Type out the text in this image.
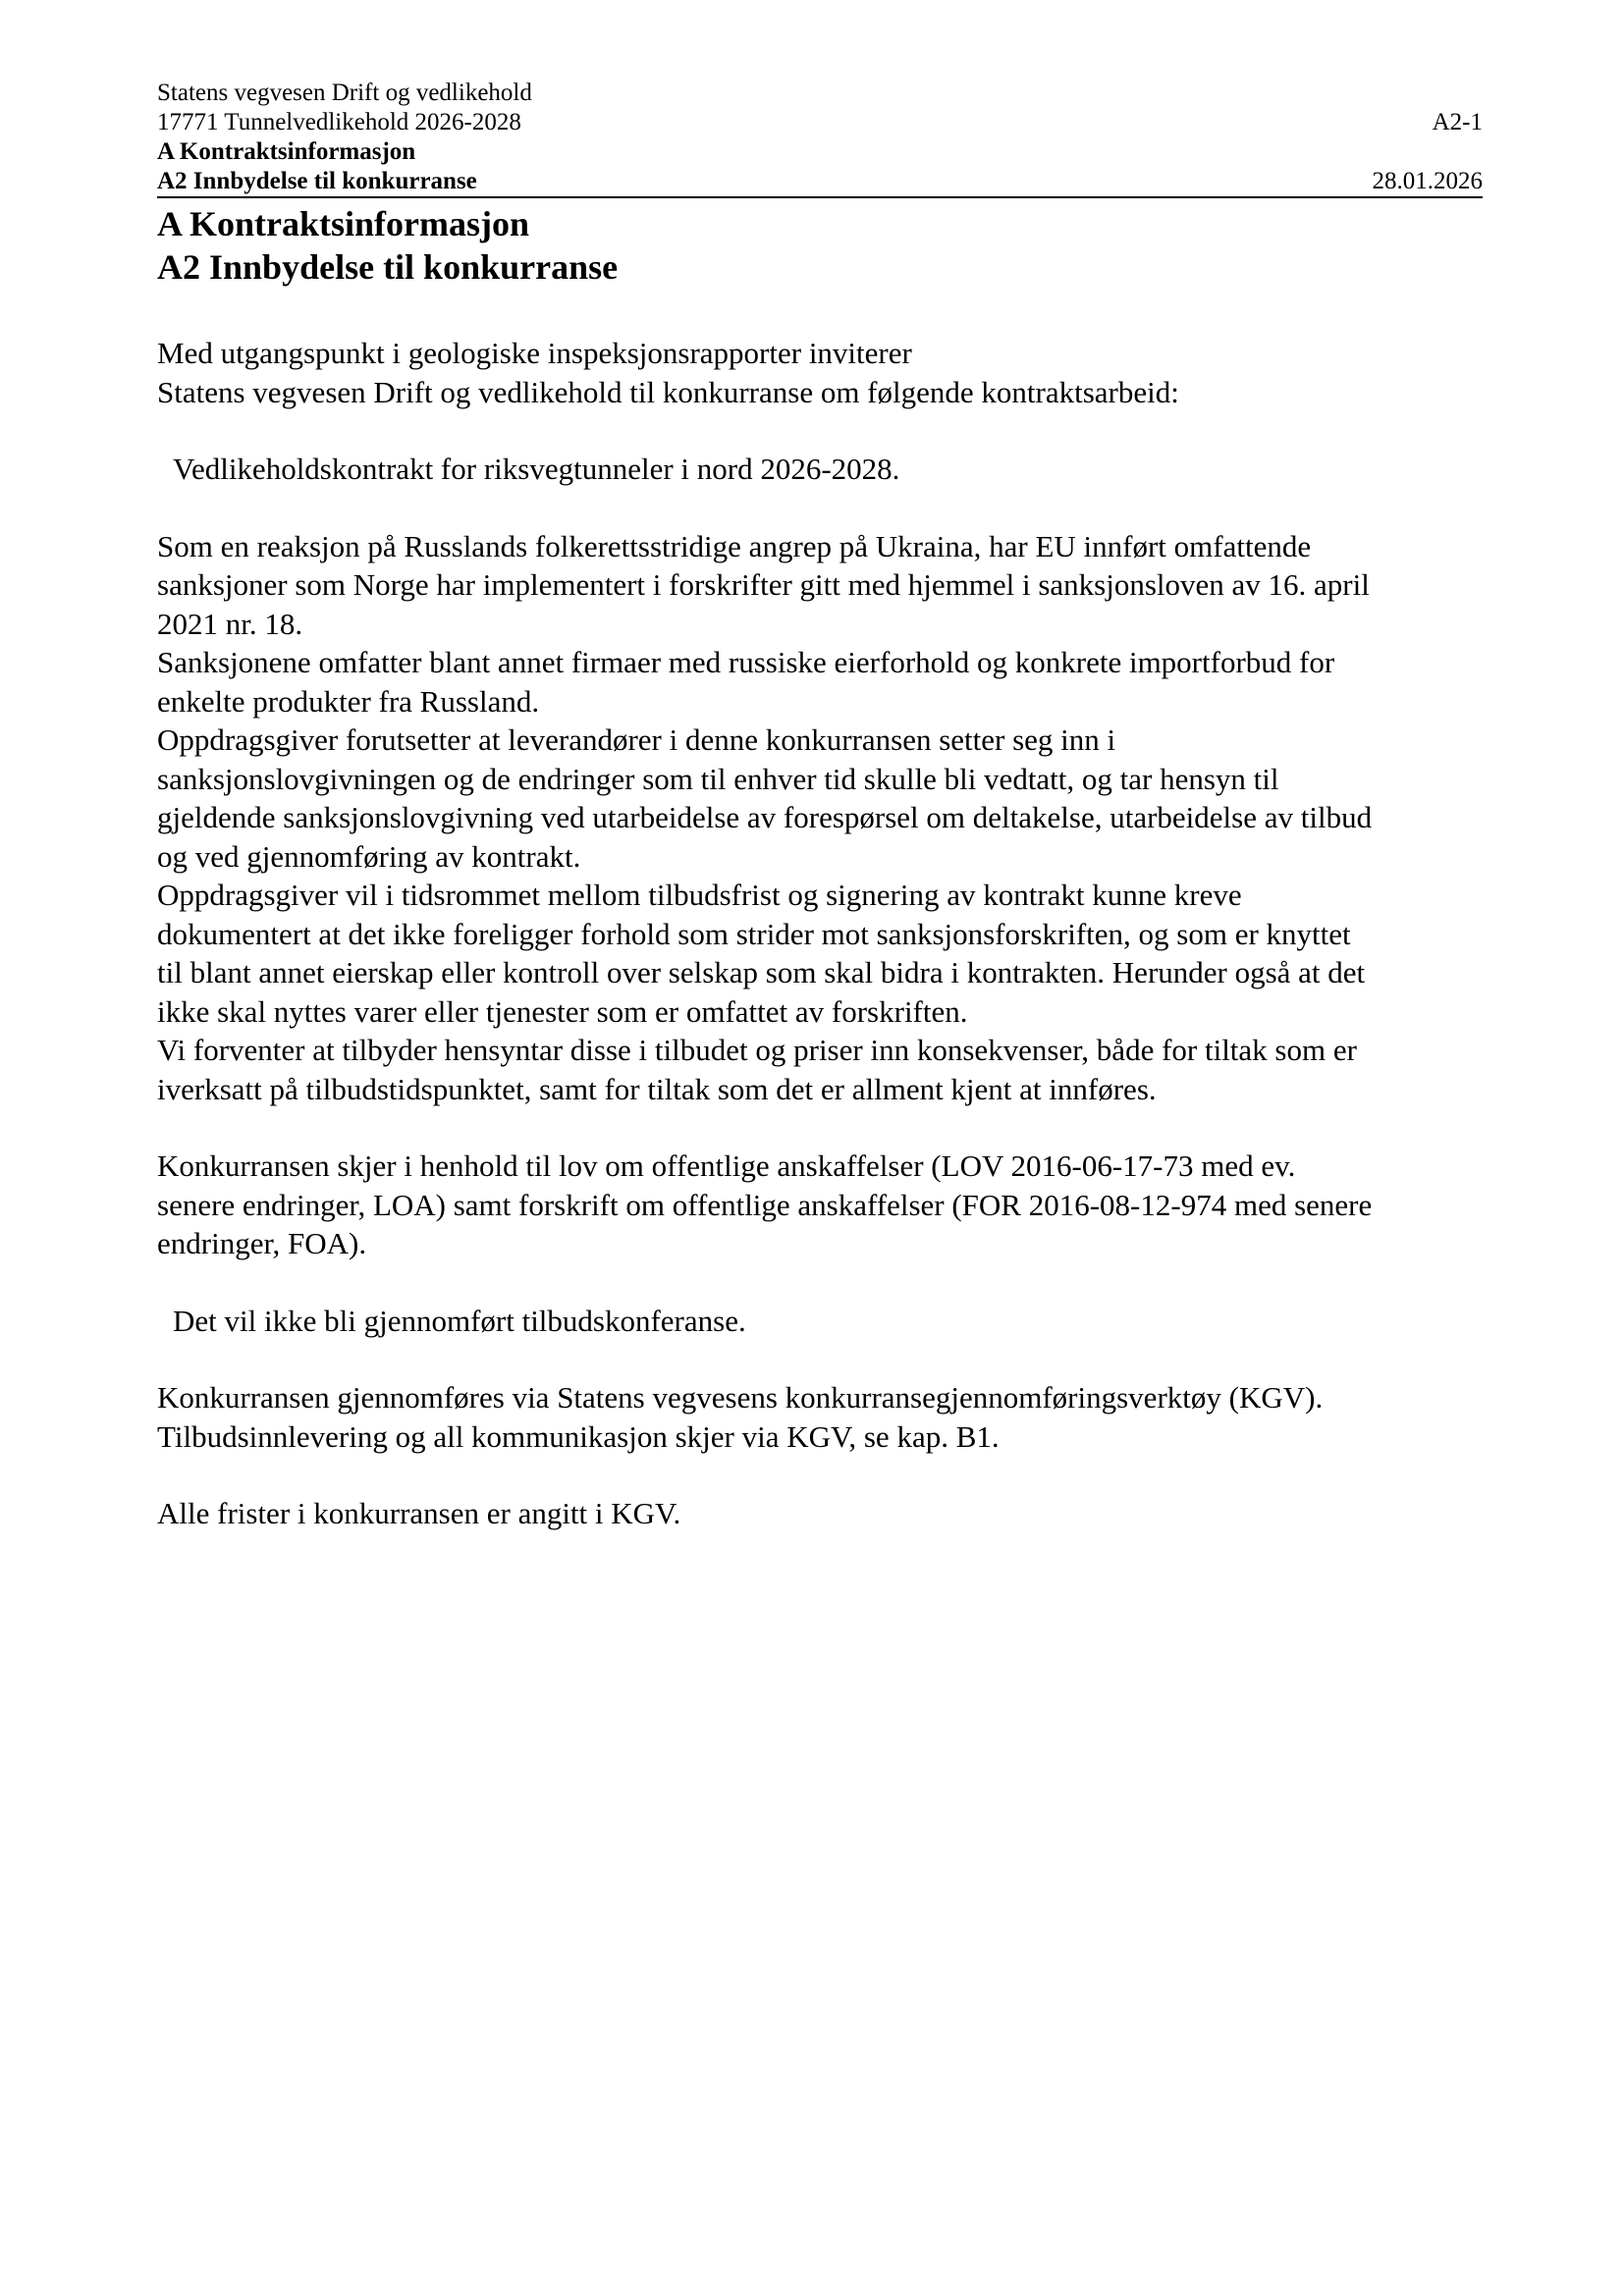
Statens vegvesen Drift og vedlikehold
17771 Tunnelvedlikehold 2026-2028	A2-1
A Kontraktsinformasjon
A2 Innbydelse til konkurranse	28.01.2026
A Kontraktsinformasjon
A2 Innbydelse til konkurranse
Med utgangspunkt i geologiske inspeksjonsrapporter inviterer
Statens vegvesen Drift og vedlikehold til konkurranse om følgende kontraktsarbeid:
Vedlikeholdskontrakt for riksvegtunneler i nord 2026-2028.
Som en reaksjon på Russlands folkerettsstridige angrep på Ukraina, har EU innført omfattende
sanksjoner som Norge har implementert i forskrifter gitt med hjemmel i sanksjonsloven av 16. april
2021 nr. 18.
Sanksjonene omfatter blant annet firmaer med russiske eierforhold og konkrete importforbud for
enkelte produkter fra Russland.
Oppdragsgiver forutsetter at leverandører i denne konkurransen setter seg inn i
sanksjonslovgivningen og de endringer som til enhver tid skulle bli vedtatt, og tar hensyn til
gjeldende sanksjonslovgivning ved utarbeidelse av forespørsel om deltakelse, utarbeidelse av tilbud
og ved gjennomføring av kontrakt.
Oppdragsgiver vil i tidsrommet mellom tilbudsfrist og signering av kontrakt kunne kreve
dokumentert at det ikke foreligger forhold som strider mot sanksjonsforskriften, og som er knyttet
til blant annet eierskap eller kontroll over selskap som skal bidra i kontrakten. Herunder også at det
ikke skal nyttes varer eller tjenester som er omfattet av forskriften.
Vi forventer at tilbyder hensyntar disse i tilbudet og priser inn konsekvenser, både for tiltak som er
iverksatt på tilbudstidspunktet, samt for tiltak som det er allment kjent at innføres.
Konkurransen skjer i henhold til lov om offentlige anskaffelser (LOV 2016-06-17-73 med ev.
senere endringer, LOA) samt forskrift om offentlige anskaffelser (FOR 2016-08-12-974 med senere
endringer, FOA).
Det vil ikke bli gjennomført tilbudskonferanse.
Konkurransen gjennomføres via Statens vegvesens konkurransegjennomføringsverktøy (KGV).
Tilbudsinnlevering og all kommunikasjon skjer via KGV, se kap. B1.
Alle frister i konkurransen er angitt i KGV.
